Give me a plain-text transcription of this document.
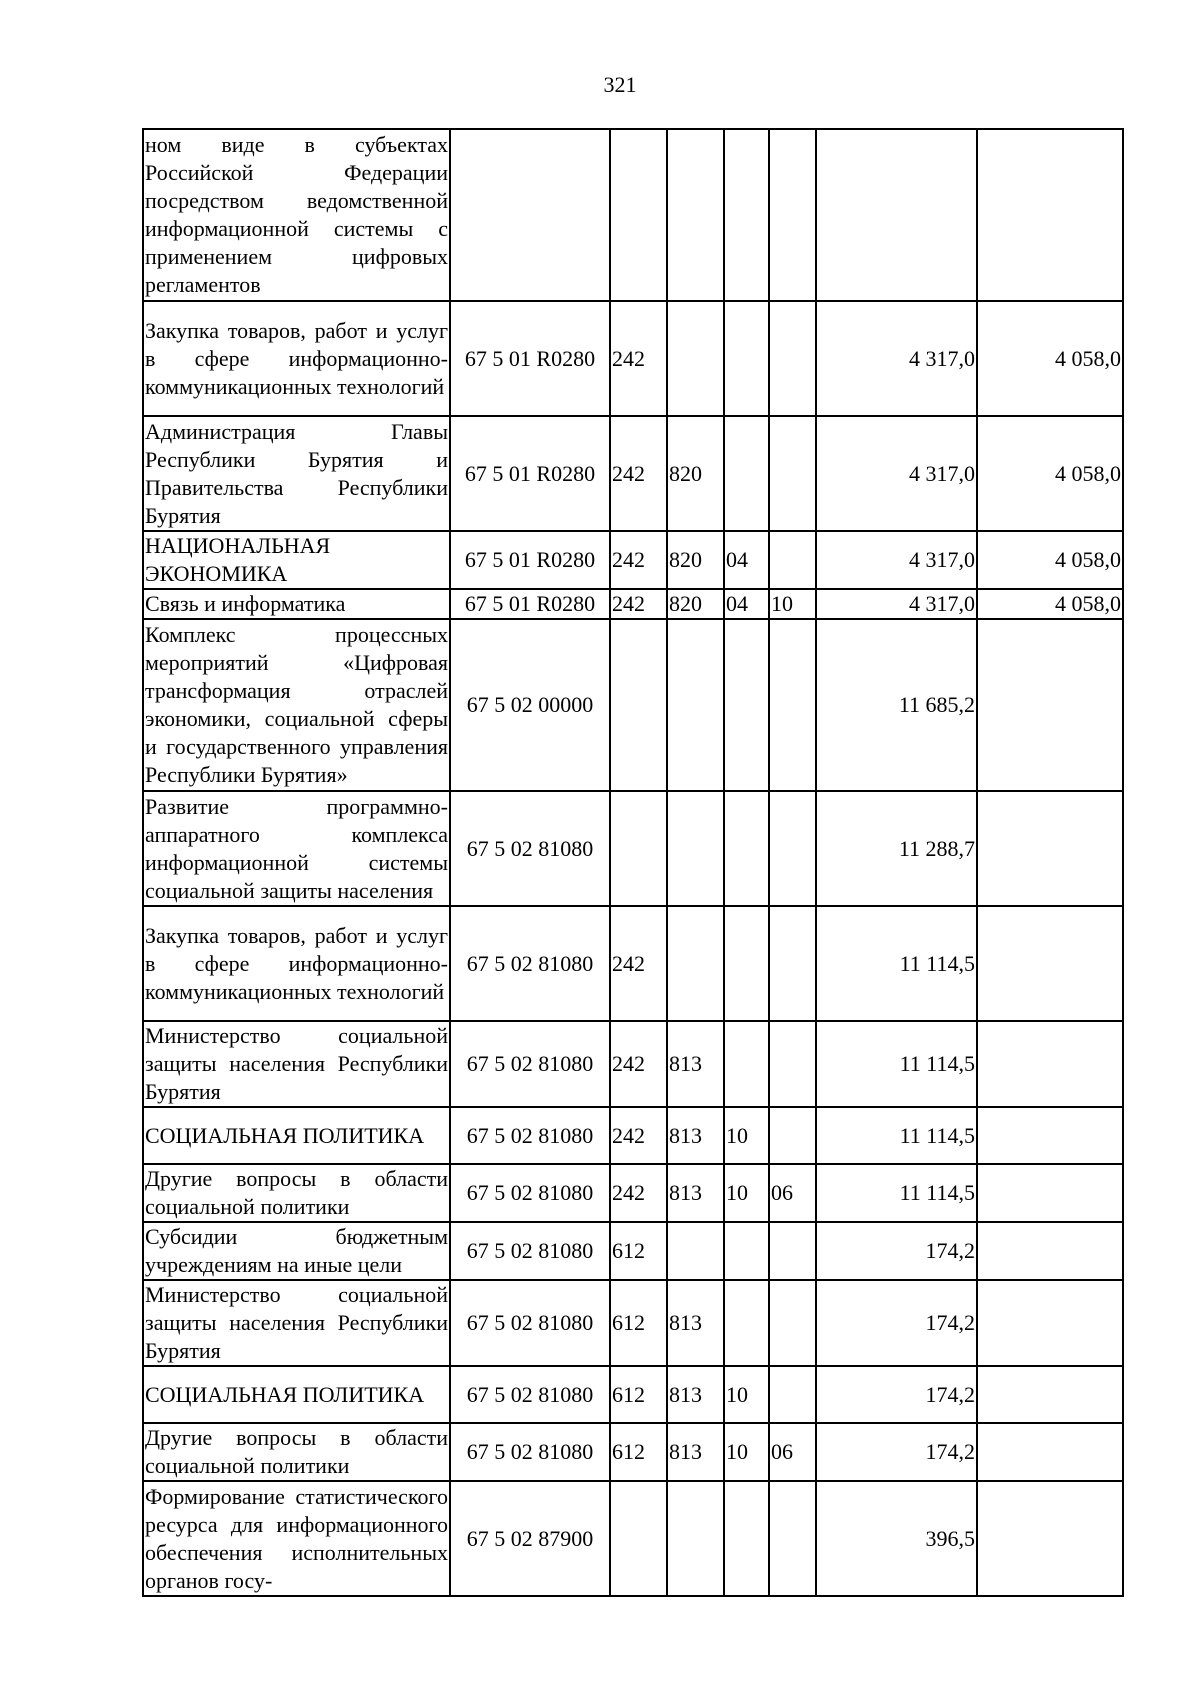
321
ном виде в субъектах Российской Федерации посредством ведомственной информационной системы с применением цифровых регламентов							
Закупка товаров, работ и услуг в сфере информационно-коммуникационных технологий	67 5 01 R0280	242				4 317,0	4 058,0
Администрация Главы Республики Бурятия и Правительства Республики Бурятия	67 5 01 R0280	242	820			4 317,0	4 058,0
НАЦИОНАЛЬНАЯ ЭКОНОМИКА	67 5 01 R0280	242	820	04		4 317,0	4 058,0
Связь и информатика	67 5 01 R0280	242	820	04	10	4 317,0	4 058,0
Комплекс процессных мероприятий «Цифровая трансформация отраслей экономики, социальной сферы и государственного управления Республики Бурятия»	67 5 02 00000					11 685,2	
Развитие программно-аппаратного комплекса информационной системы социальной защиты населения	67 5 02 81080					11 288,7	
Закупка товаров, работ и услуг в сфере информационно-коммуникационных технологий	67 5 02 81080	242				11 114,5	
Министерство социальной защиты населения Республики Бурятия	67 5 02 81080	242	813			11 114,5	
СОЦИАЛЬНАЯ ПОЛИТИКА	67 5 02 81080	242	813	10		11 114,5	
Другие вопросы в области социальной политики	67 5 02 81080	242	813	10	06	11 114,5	
Субсидии бюджетным учреждениям на иные цели	67 5 02 81080	612				174,2	
Министерство социальной защиты населения Республики Бурятия	67 5 02 81080	612	813			174,2	
СОЦИАЛЬНАЯ ПОЛИТИКА	67 5 02 81080	612	813	10		174,2	
Другие вопросы в области социальной политики	67 5 02 81080	612	813	10	06	174,2	
Формирование статистического ресурса для информационного обеспечения исполнительных органов госу-	67 5 02 87900					396,5	
